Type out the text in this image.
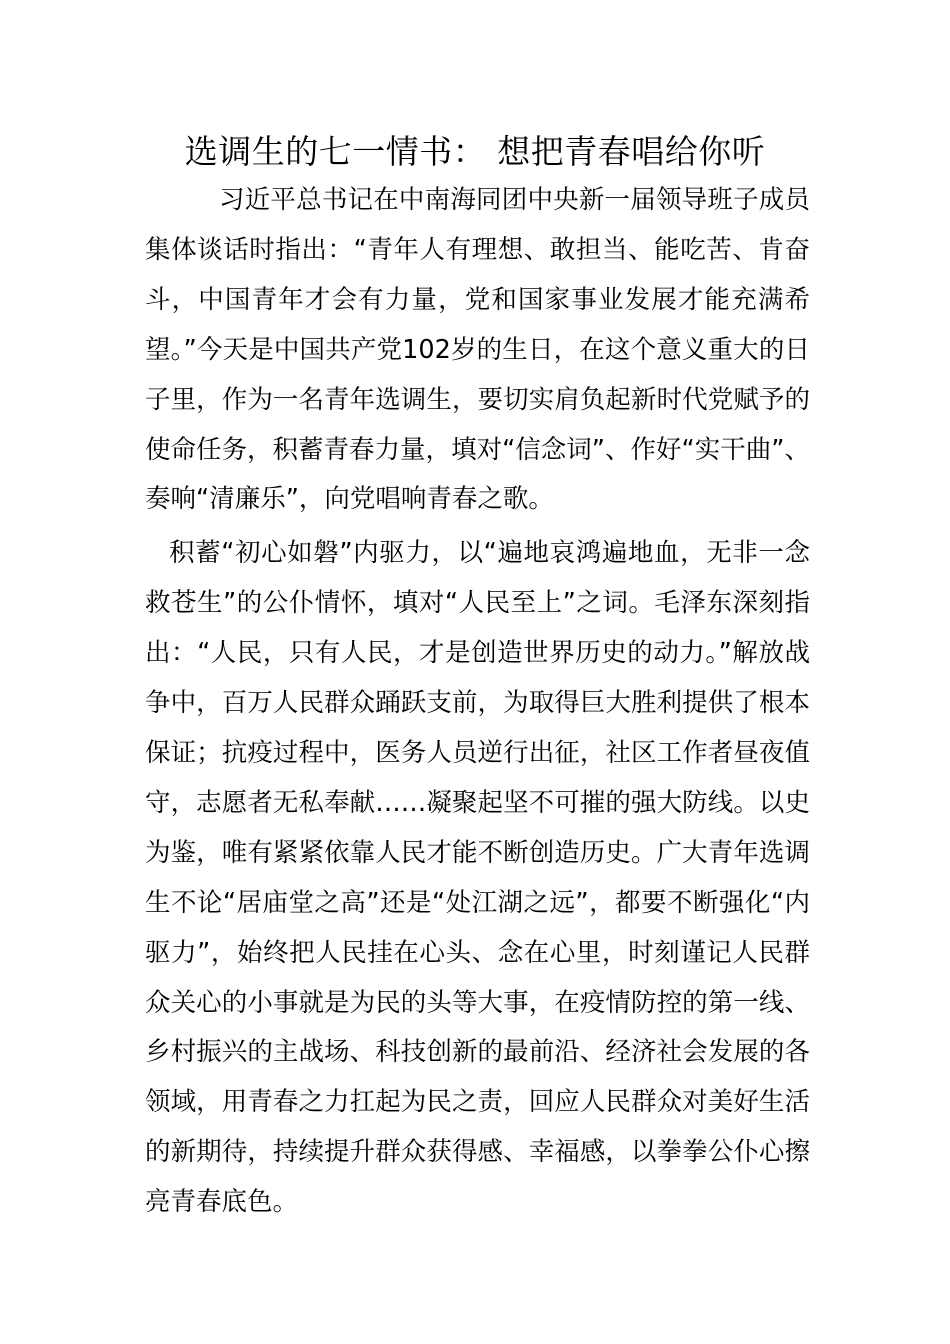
选调生的七一情书： 想把青春唱给你听

习近平总书记在中南海同团中央新一届领导班子成员集体谈话时指出：“青年人有理想、敢担当、能吃苦、肯奋斗，中国青年才会有力量，党和国家事业发展才能充满希望。”今天是中国共产党102岁的生日，在这个意义重大的日子里，作为一名青年选调生，要切实肩负起新时代党赋予的使命任务，积蓄青春力量，填对“信念词”、作好“实干曲”、奏响“清廉乐”，向党唱响青春之歌。

积蓄“初心如磐”内驱力，以“遍地哀鸿遍地血，无非一念救苍生”的公仆情怀，填对“人民至上”之词。毛泽东深刻指出：“人民，只有人民，才是创造世界历史的动力。”解放战争中，百万人民群众踊跃支前，为取得巨大胜利提供了根本保证；抗疫过程中，医务人员逆行出征，社区工作者昼夜值守，志愿者无私奉献……凝聚起坚不可摧的强大防线。以史为鉴，唯有紧紧依靠人民才能不断创造历史。广大青年选调生不论“居庙堂之高”还是“处江湖之远”，都要不断强化“内驱力”，始终把人民挂在心头、念在心里，时刻谨记人民群众关心的小事就是为民的头等大事，在疫情防控的第一线、乡村振兴的主战场、科技创新的最前沿、经济社会发展的各领域，用青春之力扛起为民之责，回应人民群众对美好生活的新期待，持续提升群众获得感、幸福感，以拳拳公仆心擦亮青春底色。
